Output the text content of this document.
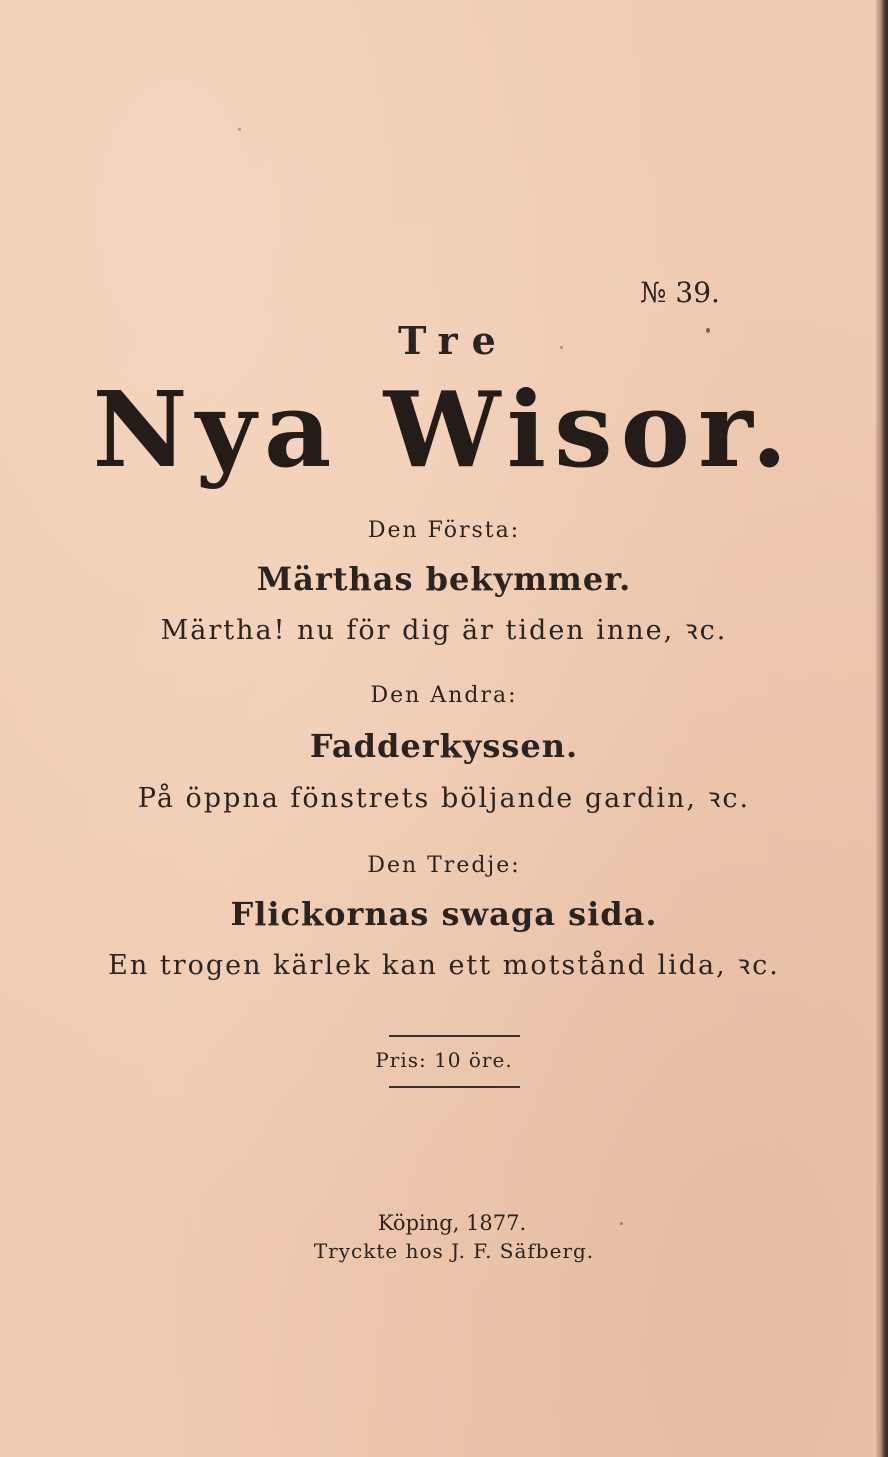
№ 39.
Tre
Nya Wisor.
Den Första:
Märthas bekymmer.
Märtha! nu för dig är tiden inne, ꝛc.
Den Andra:
Fadderkyssen.
På öppna fönstrets böljande gardin, ꝛc.
Den Tredje:
Flickornas swaga sida.
En trogen kärlek kan ett motstånd lida, ꝛc.
Pris: 10 öre.
Köping, 1877.
Tryckte hos J. F. Säfberg.
